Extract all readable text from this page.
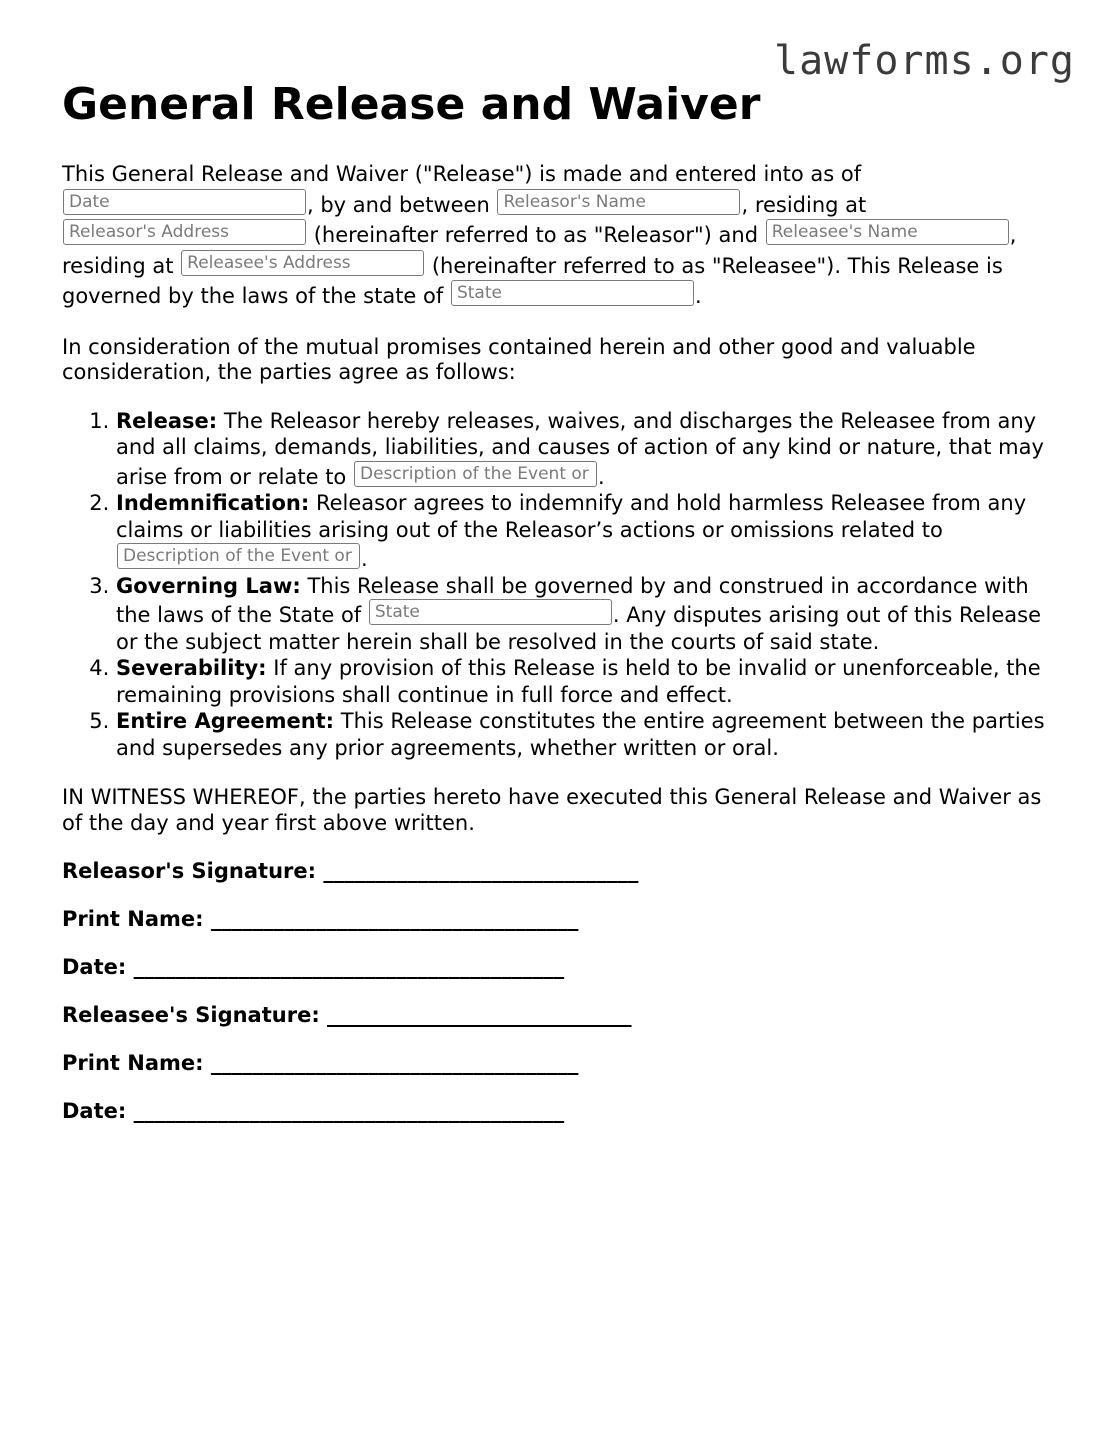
lawforms.org
General Release and Waiver
This General Release and Waiver ("Release") is made and entered into as of
Date	, by and between Releasor's Name	, residing at
Releasor's Address	(hereinafter referred to as "Releasor") and Releasee's Name	,
residing at Releasee's Address	(hereinafter referred to as "Releasee"). This Release is governed by the laws of the state of State	.
In consideration of the mutual promises contained herein and other good and valuable consideration, the parties agree as follows:
1. Release: The Releasor hereby releases, waives, and discharges the Releasee from any and all claims, demands, liabilities, and causes of action of any kind or nature, that may arise from or relate to Description of the Event or .
2. Indemnification: Releasor agrees to indemnify and hold harmless Releasee from any claims or liabilities arising out of the Releasor’s actions or omissions related to Description of the Event or .
3. Governing Law: This Release shall be governed by and construed in accordance with the laws of the State of State	. Any disputes arising out of this Release or the subject matter herein shall be resolved in the courts of said state.
4. Severability: If any provision of this Release is held to be invalid or unenforceable, the remaining provisions shall continue in full force and effect.
5. Entire Agreement: This Release constitutes the entire agreement between the parties and supersedes any prior agreements, whether written or oral.
IN WITNESS WHEREOF, the parties hereto have executed this General Release and Waiver as of the day and year first above written.
Releasor's Signature: ______________________________
Print Name: ___________________________________
Date: _________________________________________
Releasee's Signature: _____________________________
Print Name: ___________________________________
Date: _________________________________________
